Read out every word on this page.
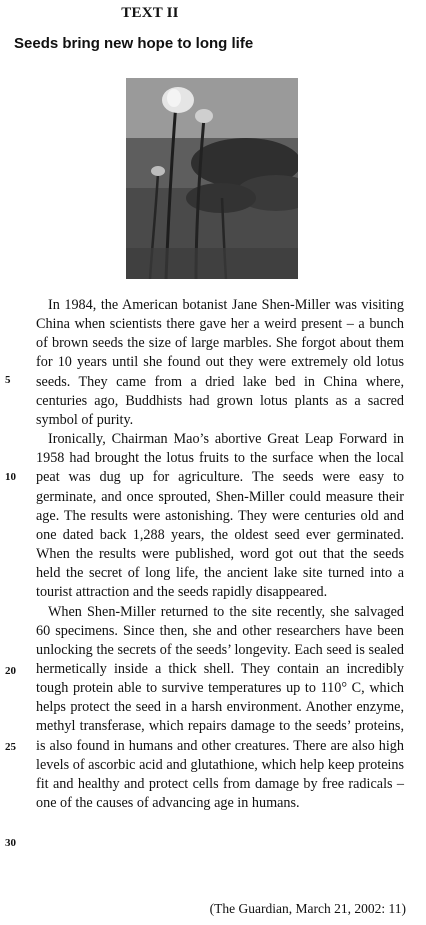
TEXT II
Seeds bring new hope to long life

In 1984, the American botanist Jane Shen-Miller was visiting China when scientists there gave her a weird present – a bunch of brown seeds the size of large marbles. She forgot about them for 10 years until she found out they were extremely old lotus seeds. They came from a dried lake bed in China where, centuries ago, Buddhists had grown lotus plants as a sacred symbol of purity.

Ironically, Chairman Mao’s abortive Great Leap Forward in 1958 had brought the lotus fruits to the surface when the local peat was dug up for agriculture. The seeds were easy to germinate, and once sprouted, Shen-Miller could measure their age. The results were astonishing. They were centuries old and one dated back 1,288 years, the oldest seed ever germinated. When the results were published, word got out that the seeds held the secret of long life, the ancient lake site turned into a tourist attraction and the seeds rapidly disappeared.

When Shen-Miller returned to the site recently, she salvaged 60 specimens. Since then, she and other researchers have been unlocking the secrets of the seeds’ longevity. Each seed is sealed hermetically inside a thick shell. They contain an incredibly tough protein able to survive temperatures up to 110° C, which helps protect the seed in a harsh environment. Another enzyme, methyl transferase, which repairs damage to the seeds’ proteins, is also found in humans and other creatures. There are also high levels of ascorbic acid and glutathione, which help keep proteins fit and healthy and protect cells from damage by free radicals – one of the causes of advancing age in humans.

5
10
20
25
30
(The Guardian, March 21, 2002: 11)
